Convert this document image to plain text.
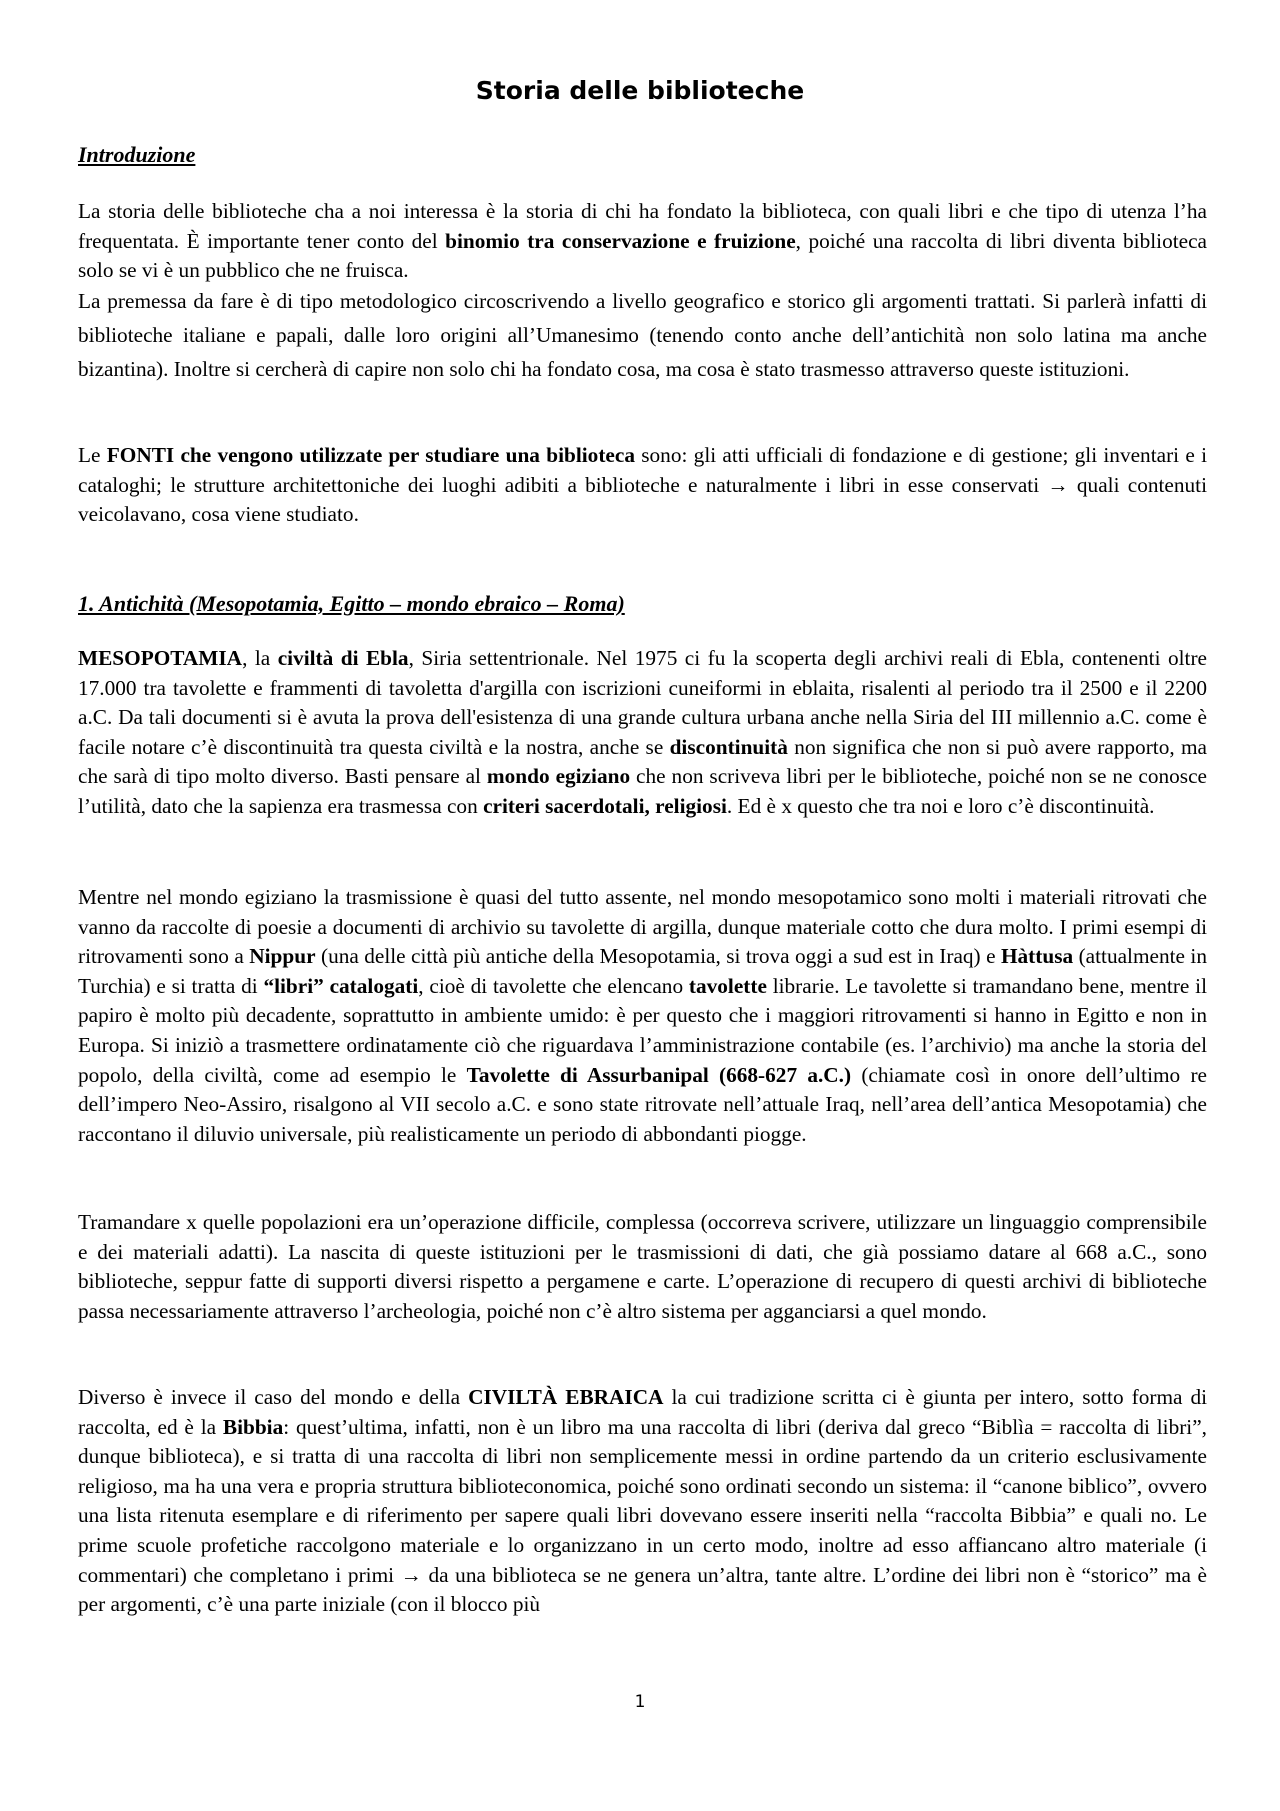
Storia delle biblioteche
Introduzione

La storia delle biblioteche cha a noi interessa è la storia di chi ha fondato la biblioteca, con quali libri e che tipo di utenza l’ha frequentata. È importante tener conto del binomio tra conservazione e fruizione, poiché una raccolta di libri diventa biblioteca solo se vi è un pubblico che ne fruisca.

La premessa da fare è di tipo metodologico circoscrivendo a livello geografico e storico gli argomenti trattati. Si parlerà infatti di biblioteche italiane e papali, dalle loro origini all’Umanesimo (tenendo conto anche dell’antichità non solo latina ma anche bizantina). Inoltre si cercherà di capire non solo chi ha fondato cosa, ma cosa è stato trasmesso attraverso queste istituzioni.

Le FONTI che vengono utilizzate per studiare una biblioteca sono: gli atti ufficiali di fondazione e di gestione; gli inventari e i cataloghi; le strutture architettoniche dei luoghi adibiti a biblioteche e naturalmente i libri in esse conservati → quali contenuti veicolavano, cosa viene studiato.

1. Antichità (Mesopotamia, Egitto – mondo ebraico – Roma)

MESOPOTAMIA, la civiltà di Ebla, Siria settentrionale. Nel 1975 ci fu la scoperta degli archivi reali di Ebla, contenenti oltre 17.000 tra tavolette e frammenti di tavoletta d'argilla con iscrizioni cuneiformi in eblaita, risalenti al periodo tra il 2500 e il 2200 a.C. Da tali documenti si è avuta la prova dell'esistenza di una grande cultura urbana anche nella Siria del III millennio a.C. come è facile notare c’è discontinuità tra questa civiltà e la nostra, anche se discontinuità non significa che non si può avere rapporto, ma che sarà di tipo molto diverso. Basti pensare al mondo egiziano che non scriveva libri per le biblioteche, poiché non se ne conosce l’utilità, dato che la sapienza era trasmessa con criteri sacerdotali, religiosi. Ed è x questo che tra noi e loro c’è discontinuità.

Mentre nel mondo egiziano la trasmissione è quasi del tutto assente, nel mondo mesopotamico sono molti i materiali ritrovati che vanno da raccolte di poesie a documenti di archivio su tavolette di argilla, dunque materiale cotto che dura molto. I primi esempi di ritrovamenti sono a Nippur (una delle città più antiche della Mesopotamia, si trova oggi a sud est in Iraq) e Hàttusa (attualmente in Turchia) e si tratta di “libri” catalogati, cioè di tavolette che elencano tavolette librarie. Le tavolette si tramandano bene, mentre il papiro è molto più decadente, soprattutto in ambiente umido: è per questo che i maggiori ritrovamenti si hanno in Egitto e non in Europa. Si iniziò a trasmettere ordinatamente ciò che riguardava l’amministrazione contabile (es. l’archivio) ma anche la storia del popolo, della civiltà, come ad esempio le Tavolette di Assurbanipal (668-627 a.C.) (chiamate così in onore dell’ultimo re dell’impero Neo-Assiro, risalgono al VII secolo a.C. e sono state ritrovate nell’attuale Iraq, nell’area dell’antica Mesopotamia) che raccontano il diluvio universale, più realisticamente un periodo di abbondanti piogge.

Tramandare x quelle popolazioni era un’operazione difficile, complessa (occorreva scrivere, utilizzare un linguaggio comprensibile e dei materiali adatti). La nascita di queste istituzioni per le trasmissioni di dati, che già possiamo datare al 668 a.C., sono biblioteche, seppur fatte di supporti diversi rispetto a pergamene e carte. L’operazione di recupero di questi archivi di biblioteche passa necessariamente attraverso l’archeologia, poiché non c’è altro sistema per agganciarsi a quel mondo.

Diverso è invece il caso del mondo e della CIVILTÀ EBRAICA la cui tradizione scritta ci è giunta per intero, sotto forma di raccolta, ed è la Bibbia: quest’ultima, infatti, non è un libro ma una raccolta di libri (deriva dal greco “Biblìa = raccolta di libri”, dunque biblioteca), e si tratta di una raccolta di libri non semplicemente messi in ordine partendo da un criterio esclusivamente religioso, ma ha una vera e propria struttura biblioteconomica, poiché sono ordinati secondo un sistema: il “canone biblico”, ovvero una lista ritenuta esemplare e di riferimento per sapere quali libri dovevano essere inseriti nella “raccolta Bibbia” e quali no. Le prime scuole profetiche raccolgono materiale e lo organizzano in un certo modo, inoltre ad esso affiancano altro materiale (i commentari) che completano i primi → da una biblioteca se ne genera un’altra, tante altre. L’ordine dei libri non è “storico” ma è per argomenti, c’è una parte iniziale (con il blocco più

1
